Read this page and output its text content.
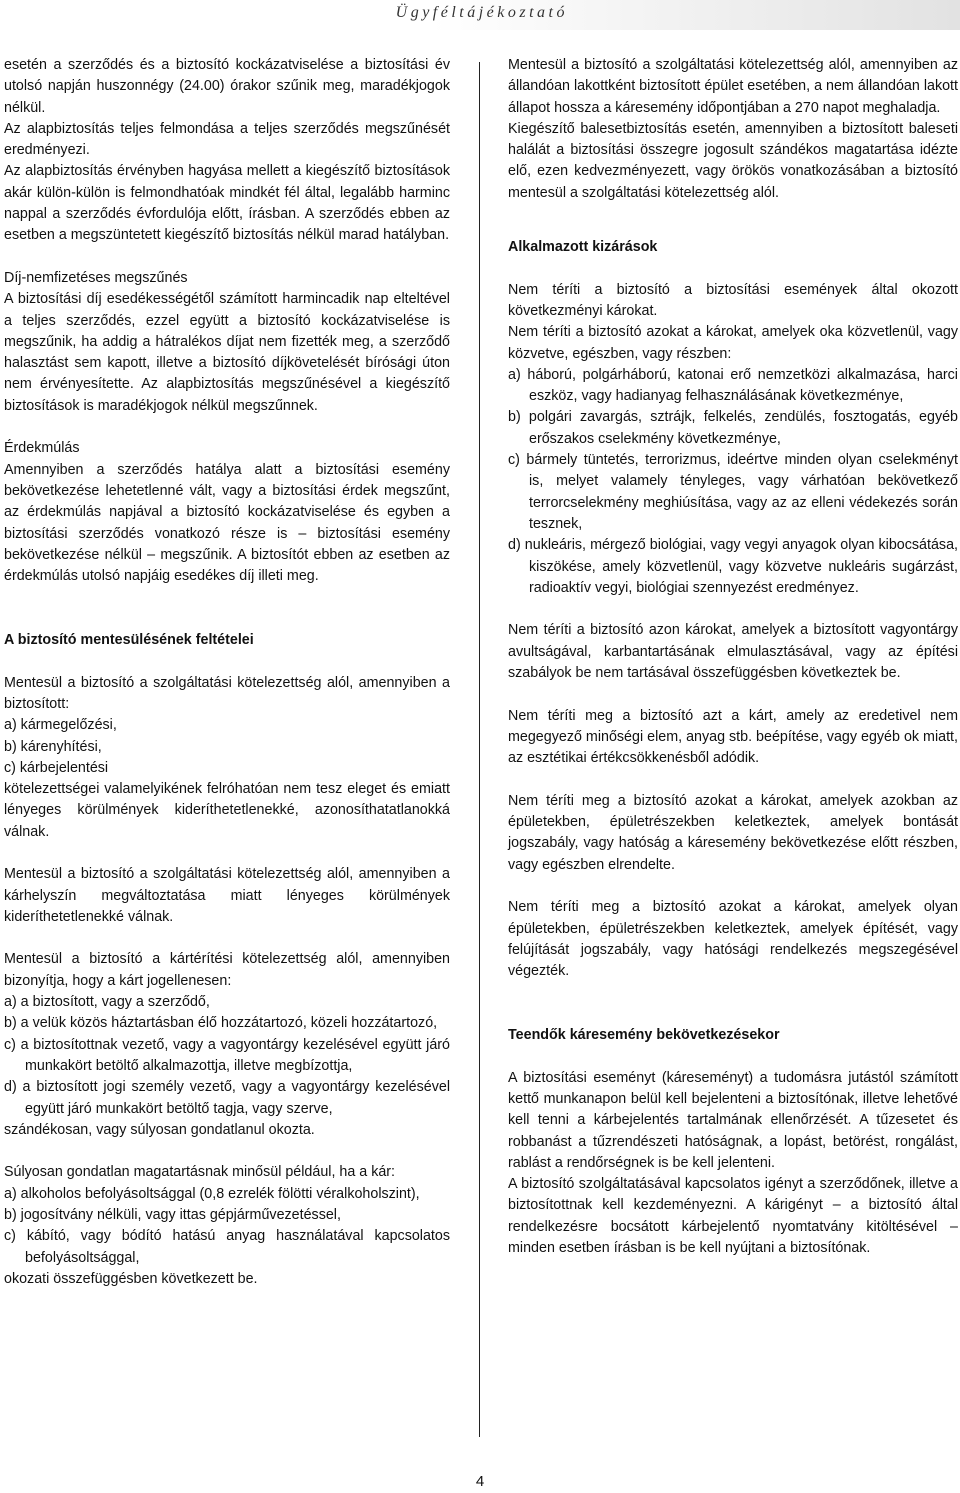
Ügyféltájékoztató

esetén a szerződés és a biztosító kockázatviselése a biztosítási év utolsó napján huszonnégy (24.00) órakor szűnik meg, maradékjogok nélkül.

Az alapbiztosítás teljes felmondása a teljes szerződés megszűnését eredményezi.

Az alapbiztosítás érvényben hagyása mellett a kiegészítő biztosítások akár külön-külön is felmondhatóak mindkét fél által, legalább harminc nappal a szerződés évfordulója előtt, írásban. A szerződés ebben az esetben a megszüntetett kiegészítő biztosítás nélkül marad hatályban.

Díj-nemfizetéses megszűnés

A biztosítási díj esedékességétől számított harmincadik nap elteltével a teljes szerződés, ezzel együtt a biztosító kockázatviselése is megszűnik, ha addig a hátralékos díjat nem fizették meg, a szerződő halasztást sem kapott, illetve a biztosító díjkövetelését bírósági úton nem érvényesítette. Az alapbiztosítás megszűnésével a kiegészítő biztosítások is maradékjogok nélkül megszűnnek.

Érdekmúlás

Amennyiben a szerződés hatálya alatt a biztosítási esemény bekövetkezése lehetetlenné vált, vagy a biztosítási érdek megszűnt, az érdekmúlás napjával a biztosító kockázatviselése és egyben a biztosítási szerződés vonatkozó része is – biztosítási esemény bekövetkezése nélkül – megszűnik. A biztosítót ebben az esetben az érdekmúlás utolsó napjáig esedékes díj illeti meg.

A biztosító mentesülésének feltételei

Mentesül a biztosító a szolgáltatási kötelezettség alól, amennyiben a biztosított:

a) kármegelőzési,

b) kárenyhítési,

c) kárbejelentési

kötelezettségei valamelyikének felróhatóan nem tesz eleget és emiatt lényeges körülmények kideríthetetlenekké, azonosíthatatlanokká válnak.

Mentesül a biztosító a szolgáltatási kötelezettség alól, amennyiben a kárhelyszín megváltoztatása miatt lényeges körülmények kideríthetetlenekké válnak.

Mentesül a biztosító a kártérítési kötelezettség alól, amennyiben bizonyítja, hogy a kárt jogellenesen:

a) a biztosított, vagy a szerződő,

b) a velük közös háztartásban élő hozzátartozó, közeli hozzátartozó,

c) a biztosítottnak vezető, vagy a vagyontárgy kezelésével együtt járó munkakört betöltő alkalmazottja, illetve megbízottja,

d) a biztosított jogi személy vezető, vagy a vagyontárgy kezelésével együtt járó munkakört betöltő tagja, vagy szerve,

szándékosan, vagy súlyosan gondatlanul okozta.

Súlyosan gondatlan magatartásnak minősül például, ha a kár:

a) alkoholos befolyásoltsággal (0,8 ezrelék fölötti véralkoholszint),

b) jogosítvány nélküli, vagy ittas gépjárművezetéssel,

c) kábító, vagy bódító hatású anyag használatával kapcsolatos befolyásoltsággal,

okozati összefüggésben következett be.

Mentesül a biztosító a szolgáltatási kötelezettség alól, amennyiben az állandóan lakottként biztosított épület esetében, a nem állandóan lakott állapot hossza a káresemény időpontjában a 270 napot meghaladja.

Kiegészítő balesetbiztosítás esetén, amennyiben a biztosított baleseti halálát a biztosítási összegre jogosult szándékos magatartása idézte elő, ezen kedvezményezett, vagy örökös vonatkozásában a biztosító mentesül a szolgáltatási kötelezettség alól.

Alkalmazott kizárások

Nem téríti a biztosító a biztosítási események által okozott következményi károkat.

Nem téríti a biztosító azokat a károkat, amelyek oka közvetlenül, vagy közvetve, egészben, vagy részben:

a) háború, polgárháború, katonai erő nemzetközi alkalmazása, harci eszköz, vagy hadianyag felhasználásának következménye,

b) polgári zavargás, sztrájk, felkelés, zendülés, fosztogatás, egyéb erőszakos cselekmény következménye,

c) bármely tüntetés, terrorizmus, ideértve minden olyan cselekményt is, melyet valamely tényleges, vagy várhatóan bekövetkező terrorcselekmény meghiúsítása, vagy az az elleni védekezés során tesznek,

d) nukleáris, mérgező biológiai, vagy vegyi anyagok olyan kibocsátása, kiszökése, amely közvetlenül, vagy közvetve nukleáris sugárzást, radioaktív vegyi, biológiai szennyezést eredményez.

Nem téríti a biztosító azon károkat, amelyek a biztosított vagyontárgy avultságával, karbantartásának elmulasztásával, vagy az építési szabályok be nem tartásával összefüggésben következtek be.

Nem téríti meg a biztosító azt a kárt, amely az eredetivel nem megegyező minőségi elem, anyag stb. beépítése, vagy egyéb ok miatt, az esztétikai értékcsökkenésből adódik.

Nem téríti meg a biztosító azokat a károkat, amelyek azokban az épületekben, épületrészekben keletkeztek, amelyek bontását jogszabály, vagy hatóság a káresemény bekövetkezése előtt részben, vagy egészben elrendelte.

Nem téríti meg a biztosító azokat a károkat, amelyek olyan épületekben, épületrészekben keletkeztek, amelyek építését, vagy felújítását jogszabály, vagy hatósági rendelkezés megszegésével végezték.

Teendők káresemény bekövetkezésekor

A biztosítási eseményt (káreseményt) a tudomásra jutástól számított kettő munkanapon belül kell bejelenteni a biztosítónak, illetve lehetővé kell tenni a kárbejelentés tartalmának ellenőrzését. A tűzesetet és robbanást a tűzrendészeti hatóságnak, a lopást, betörést, rongálást, rablást a rendőrségnek is be kell jelenteni.

A biztosító szolgáltatásával kapcsolatos igényt a szerződőnek, illetve a biztosítottnak kell kezdeményezni. A kárigényt – a biztosító által rendelkezésre bocsátott kárbejelentő nyomtatvány kitöltésével – minden esetben írásban is be kell nyújtani a biztosítónak.

4
